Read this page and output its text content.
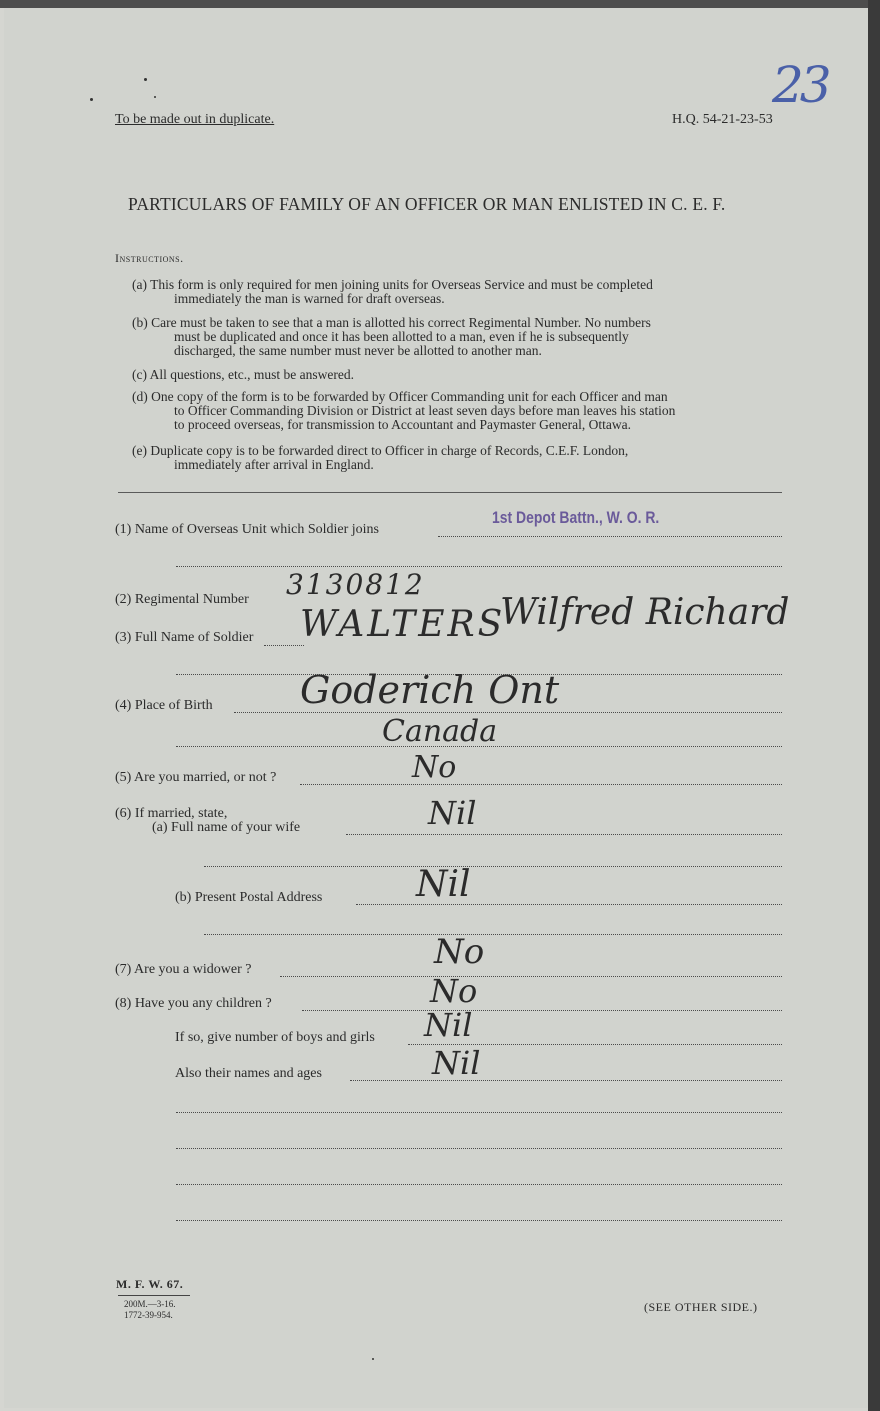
To be made out in duplicate.	H.Q. 54-21-23-53
23
PARTICULARS OF FAMILY OF AN OFFICER OR MAN ENLISTED IN C. E. F.
Instructions.
(a) This form is only required for men joining units for Overseas Service and must be completed
immediately the man is warned for draft overseas.
(b) Care must be taken to see that a man is allotted his correct Regimental Number. No numbers
must be duplicated and once it has been allotted to a man, even if he is subsequently
discharged, the same number must never be allotted to another man.
(c) All questions, etc., must be answered.
(d) One copy of the form is to be forwarded by Officer Commanding unit for each Officer and man
to Officer Commanding Division or District at least seven days before man leaves his station
to proceed overseas, for transmission to Accountant and Paymaster General, Ottawa.
(e) Duplicate copy is to be forwarded direct to Officer in charge of Records, C.E.F. London,
immediately after arrival in England.
(1) Name of Overseas Unit which Soldier joins
1st Depot Battn., W. O. R.
(2) Regimental Number 3130812
(3) Full Name of Soldier WALTERS
Wilfred Richard
(4) Place of Birth Goderich Ont
Canada
(5) Are you married, or not ?	No
(6) If married, state,
(a) Full name of your wife	Nil
(b) Present Postal Address	Nil
(7) Are you a widower ?	No
(8) Have you any children ?	No
If so, give number of boys and girls Nil
Also their names and ages	Nil
M. F. W. 67.
200M.—3-16.
1772-39-954.
(SEE OTHER SIDE.)
